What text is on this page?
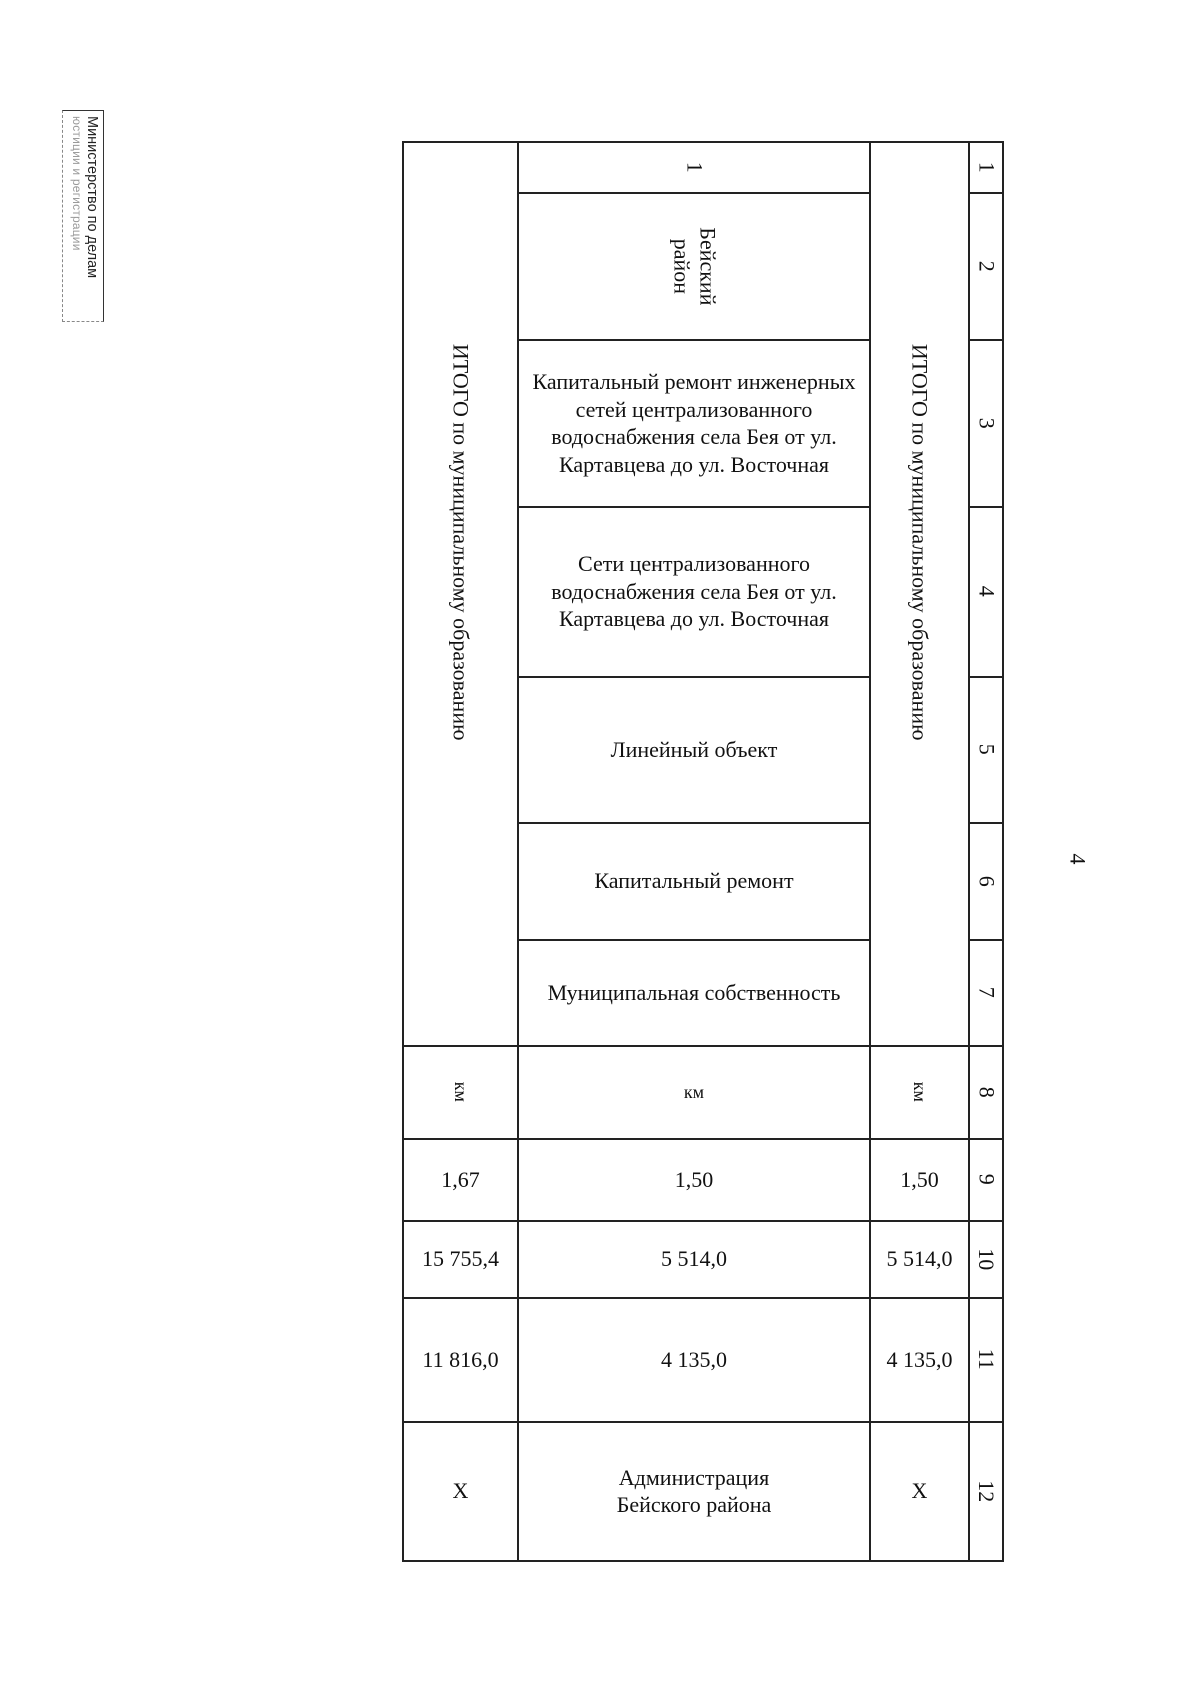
Министерство по делам
юстиции и регистрации
4
1
2
3
4
5
6
7
8
9
10
11
12
ИТОГО по муниципальному образованию
км
1,50
5 514,0
4 135,0
Х
1
Бейский
район
Капитальный ремонт инженерных сетей централизованного водоснабжения села Бея от ул. Картавцева до ул. Восточная
Сети централизованного водоснабжения села Бея от ул. Картавцева до ул. Восточная
Линейный объект
Капитальный ремонт
Муниципальная собственность
км
1,50
5 514,0
4 135,0
Администрация Бейского района
ИТОГО по муниципальному образованию
км
1,67
15 755,4
11 816,0
Х
